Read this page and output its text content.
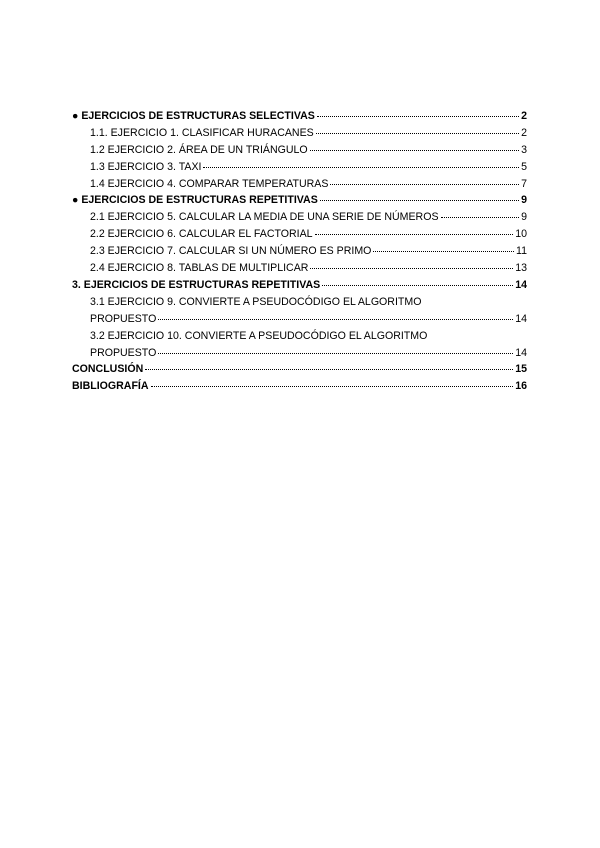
● EJERCICIOS DE ESTRUCTURAS SELECTIVAS	2
1.1. EJERCICIO 1. CLASIFICAR HURACANES	2
1.2 EJERCICIO 2. ÁREA DE UN TRIÁNGULO	3
1.3 EJERCICIO 3. TAXI	5
1.4 EJERCICIO 4. COMPARAR TEMPERATURAS	7
● EJERCICIOS DE ESTRUCTURAS REPETITIVAS	9
2.1 EJERCICIO 5. CALCULAR LA MEDIA DE UNA SERIE DE NÚMEROS	9
2.2 EJERCICIO 6. CALCULAR EL FACTORIAL	10
2.3 EJERCICIO 7. CALCULAR SI UN NÚMERO ES PRIMO	11
2.4 EJERCICIO 8. TABLAS DE MULTIPLICAR	13
3. EJERCICIOS DE ESTRUCTURAS REPETITIVAS	14
3.1 EJERCICIO 9. CONVIERTE A PSEUDOCÓDIGO EL ALGORITMO
PROPUESTO	14
3.2 EJERCICIO 10. CONVIERTE A PSEUDOCÓDIGO EL ALGORITMO
PROPUESTO	14
CONCLUSIÓN	15
BIBLIOGRAFÍA	16
